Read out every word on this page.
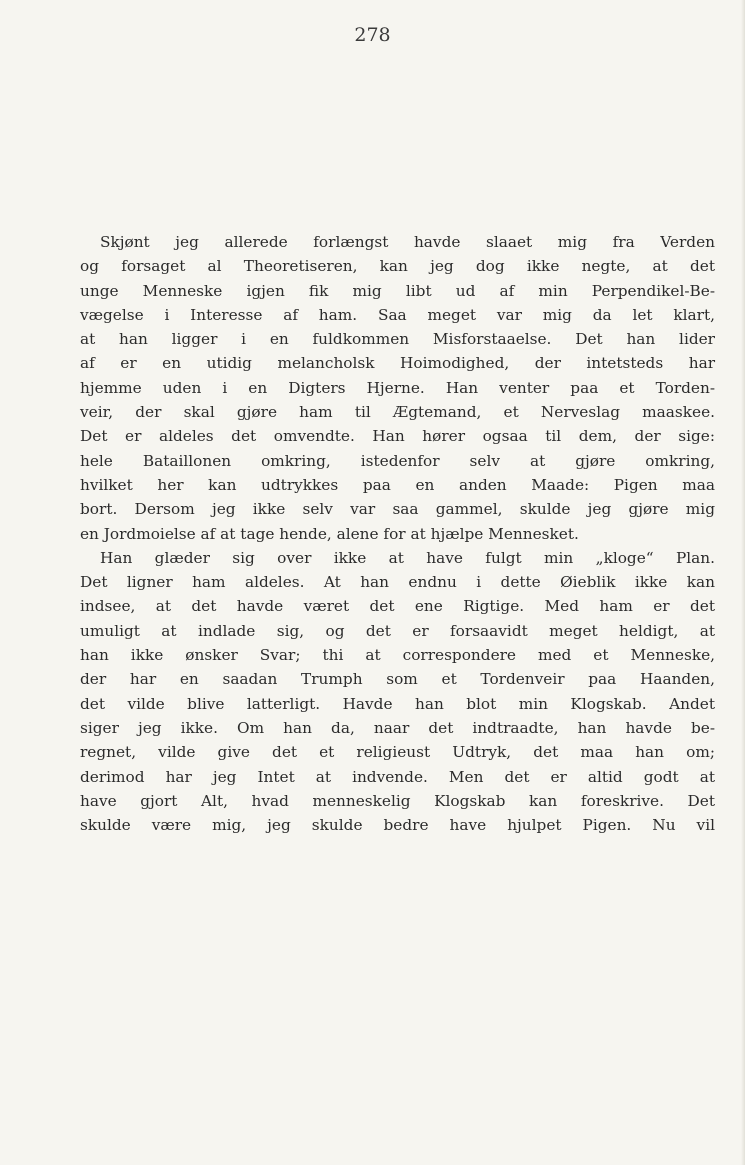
278
Skjønt jeg allerede forlængst havde slaaet mig fra Verden
og forsaget al Theoretiseren, kan jeg dog ikke negte, at det
unge Menneske igjen fik mig libt ud af min Perpendikel-Be-
vægelse i Interesse af ham. Saa meget var mig da let klart,
at han ligger i en fuldkommen Misforstaaelse. Det han lider
af er en utidig melancholsk Hoimodighed, der intetsteds har
hjemme uden i en Digters Hjerne. Han venter paa et Torden-
veir, der skal gjøre ham til Ægtemand, et Nerveslag maaskee.
Det er aldeles det omvendte. Han hører ogsaa til dem, der sige:
hele Bataillonen omkring, istedenfor selv at gjøre omkring,
hvilket her kan udtrykkes paa en anden Maade: Pigen maa
bort. Dersom jeg ikke selv var saa gammel, skulde jeg gjøre mig
en Jordmoielse af at tage hende, alene for at hjælpe Mennesket.
Han glæder sig over ikke at have fulgt min „kloge“ Plan.
Det ligner ham aldeles. At han endnu i dette Øieblik ikke kan
indsee, at det havde været det ene Rigtige. Med ham er det
umuligt at indlade sig, og det er forsaavidt meget heldigt, at
han ikke ønsker Svar; thi at correspondere med et Menneske,
der har en saadan Trumph som et Tordenveir paa Haanden,
det vilde blive latterligt. Havde han blot min Klogskab. Andet
siger jeg ikke. Om han da, naar det indtraadte, han havde be-
regnet, vilde give det et religieust Udtryk, det maa han om;
derimod har jeg Intet at indvende. Men det er altid godt at
have gjort Alt, hvad menneskelig Klogskab kan foreskrive. Det
skulde være mig, jeg skulde bedre have hjulpet Pigen. Nu vil
